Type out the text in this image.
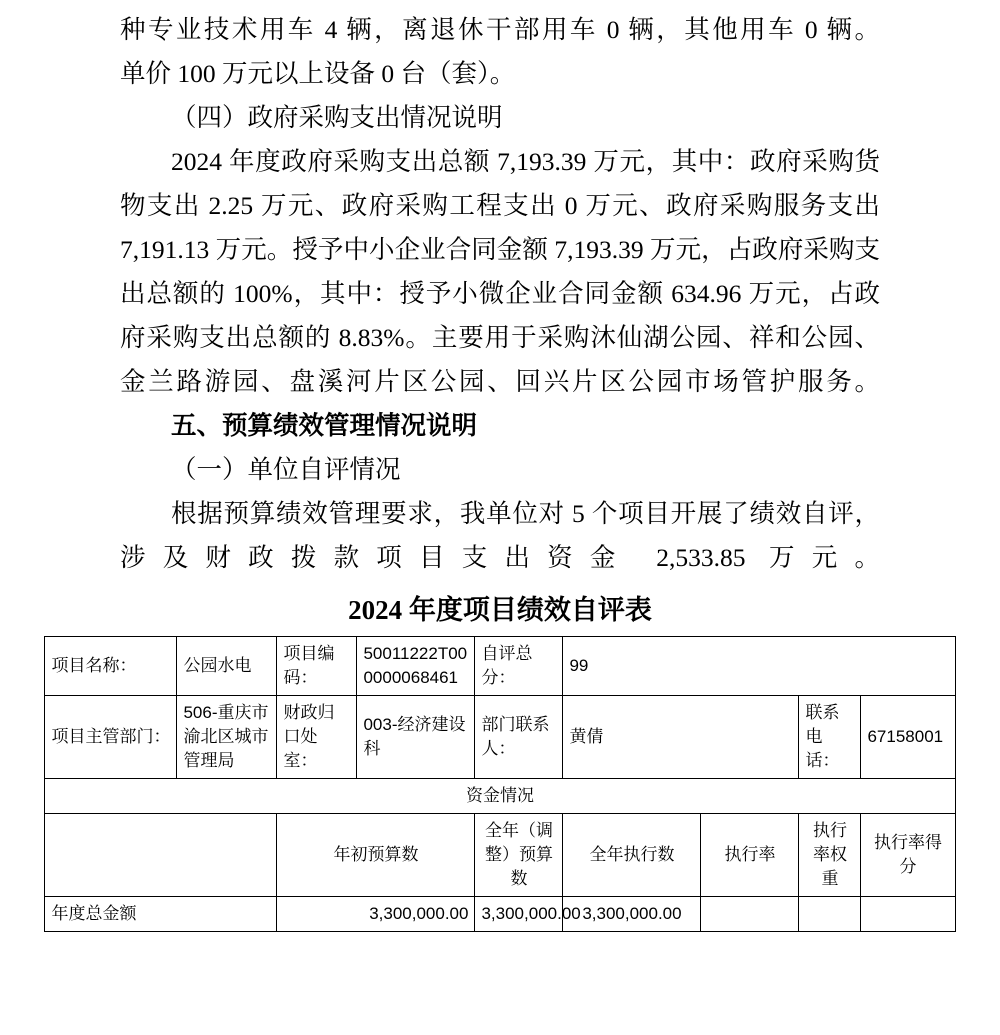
种专业技术用车 4 辆，离退休干部用车 0 辆，其他用车 0 辆。

单价 100 万元以上设备 0 台（套）。

（四）政府采购支出情况说明

2024 年度政府采购支出总额 7,193.39 万元，其中：政府采购货物支出 2.25 万元、政府采购工程支出 0 万元、政府采购服务支出 7,191.13 万元。授予中小企业合同金额 7,193.39 万元，占政府采购支出总额的 100%，其中：授予小微企业合同金额 634.96 万元，占政府采购支出总额的 8.83%。主要用于采购沐仙湖公园、祥和公园、金兰路游园、盘溪河片区公园、回兴片区公园市场管护服务。

五、预算绩效管理情况说明

（一）单位自评情况

根据预算绩效管理要求，我单位对 5 个项目开展了绩效自评，涉及财政拨款项目支出资金 2,533.85 万元。

2024 年度项目绩效自评表
项目名称：	公园水电	项目编码：	50011222T000000068461	自评总分：	99			
项目主管部门：	506-重庆市渝北区城市管理局	财政归口处室：	003-经济建设科	部门联系人：	黄倩		联系电话：	67158001
资金情况								
		年初预算数		全年（调整）预算数	全年执行数	执行率	执行率权重	执行率得分
年度总金额		3,300,000.00		3,300,000.00	3,300,000.00			
